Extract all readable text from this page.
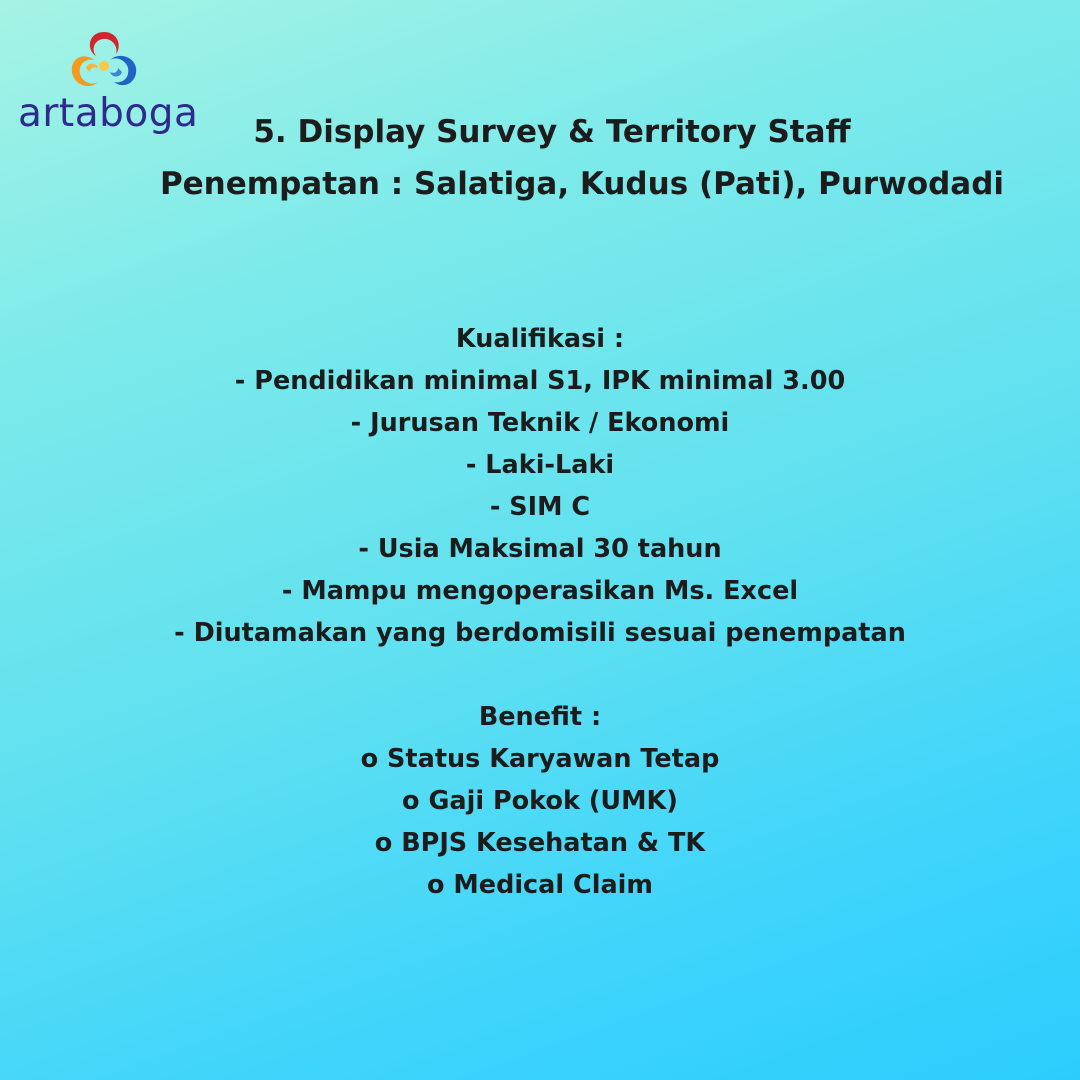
artaboga	5. Display Survey & Territory Staff
Penempatan : Salatiga, Kudus (Pati), Purwodadi
Kualifikasi :
- Pendidikan minimal S1, IPK minimal 3.00
- Jurusan Teknik / Ekonomi
- Laki-Laki
- SIM C
- Usia Maksimal 30 tahun
- Mampu mengoperasikan Ms. Excel
- Diutamakan yang berdomisili sesuai penempatan
Benefit :
o Status Karyawan Tetap
o Gaji Pokok (UMK)
o BPJS Kesehatan & TK
o Medical Claim
